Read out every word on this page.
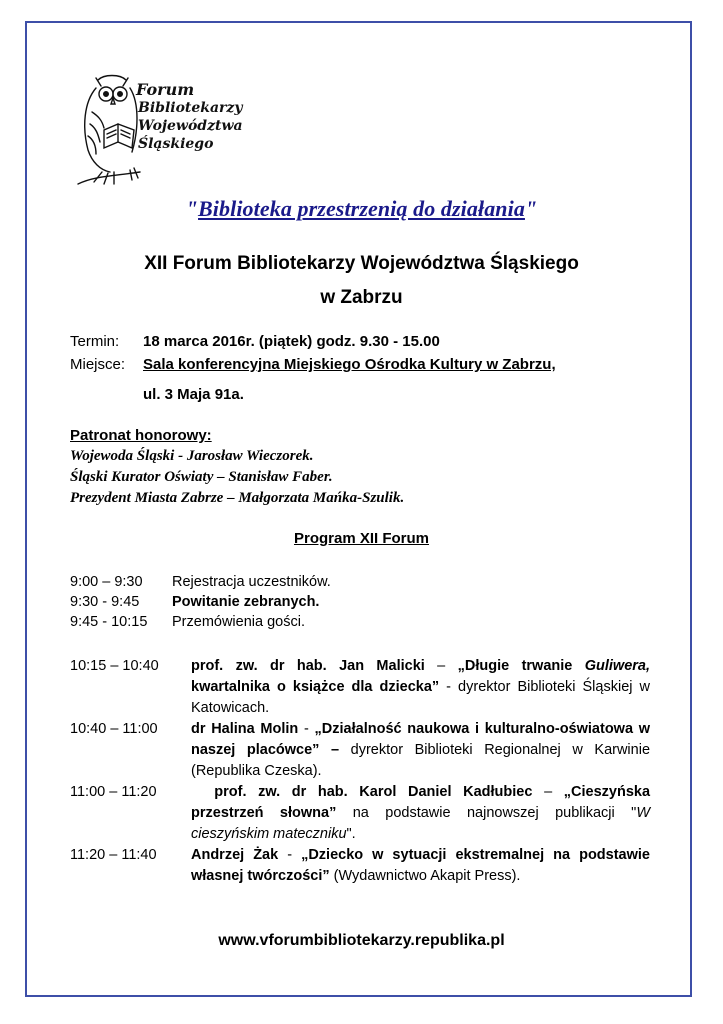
Forum
Bibliotekarzy
Województwa
Śląskiego
"Biblioteka przestrzenią do działania"
XII Forum Bibliotekarzy Województwa Śląskiego
w Zabrzu
Termin:	18 marca 2016r. (piątek) godz. 9.30 - 15.00
Miejsce:	Sala konferencyjna Miejskiego Ośrodka Kultury w Zabrzu,
ul. 3 Maja 91a.
Patronat honorowy:
Wojewoda Śląski - Jarosław Wieczorek.
Śląski Kurator Oświaty – Stanisław Faber.
Prezydent Miasta Zabrze – Małgorzata Mańka-Szulik.
Program XII Forum
9:00 – 9:30	Rejestracja uczestników.
9:30 - 9:45	Powitanie zebranych.
9:45 - 10:15	Przemówienia gości.
10:15 – 10:40	prof. zw. dr hab. Jan Malicki – „Długie trwanie Guliwera, kwartalnika o książce dla dziecka” - dyrektor Biblioteki Śląskiej w Katowicach.
10:40 – 11:00	dr Halina Molin - „Działalność naukowa i kulturalno-oświatowa w naszej placówce” – dyrektor Biblioteki Regionalnej w Karwinie (Republika Czeska).
11:00 – 11:20	prof. zw. dr hab. Karol Daniel Kadłubiec – „Cieszyńska przestrzeń słowna” na podstawie najnowszej publikacji "W cieszyńskim mateczniku".
11:20 – 11:40	Andrzej Żak - „Dziecko w sytuacji ekstremalnej na podstawie własnej twórczości” (Wydawnictwo Akapit Press).
www.vforumbibliotekarzy.republika.pl
